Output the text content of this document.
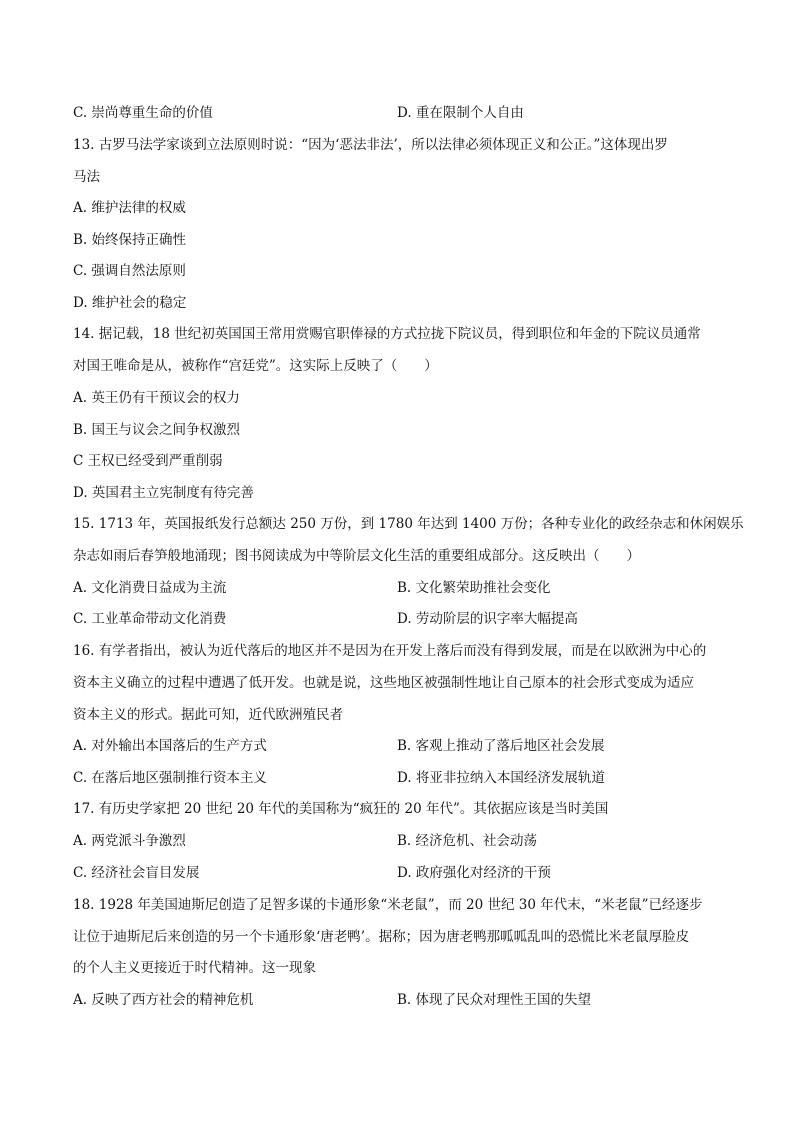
C. 崇尚尊重生命的价值	D. 重在限制个人自由
13. 古罗马法学家谈到立法原则时说：“因为‘恶法非法’，所以法律必须体现正义和公正。”这体现出罗
马法
A. 维护法律的权威
B. 始终保持正确性
C. 强调自然法原则
D. 维护社会的稳定
14. 据记载，18 世纪初英国国王常用赏赐官职俸禄的方式拉拢下院议员，得到职位和年金的下院议员通常
对国王唯命是从，被称作“宫廷党”。这实际上反映了（　　）
A. 英王仍有干预议会的权力
B. 国王与议会之间争权激烈
C 王权已经受到严重削弱
D. 英国君主立宪制度有待完善
15. 1713 年，英国报纸发行总额达 250 万份，到 1780 年达到 1400 万份；各种专业化的政经杂志和休闲娱乐
杂志如雨后春笋般地涌现；图书阅读成为中等阶层文化生活的重要组成部分。这反映出（　　）
A. 文化消费日益成为主流	B. 文化繁荣助推社会变化
C. 工业革命带动文化消费	D. 劳动阶层的识字率大幅提高
16. 有学者指出，被认为近代落后的地区并不是因为在开发上落后而没有得到发展，而是在以欧洲为中心的
资本主义确立的过程中遭遇了低开发。也就是说，这些地区被强制性地让自己原本的社会形式变成为适应
资本主义的形式。据此可知，近代欧洲殖民者
A. 对外输出本国落后的生产方式	B. 客观上推动了落后地区社会发展
C. 在落后地区强制推行资本主义	D. 将亚非拉纳入本国经济发展轨道
17. 有历史学家把 20 世纪 20 年代的美国称为“疯狂的 20 年代”。其依据应该是当时美国
A. 两党派斗争激烈	B. 经济危机、社会动荡
C. 经济社会盲目发展	D. 政府强化对经济的干预
18. 1928 年美国迪斯尼创造了足智多谋的卡通形象“米老鼠”，而 20 世纪 30 年代末，“米老鼠”已经逐步
让位于迪斯尼后来创造的另一个卡通形象‘唐老鸭’。据称；因为唐老鸭那呱呱乱叫的恐慌比米老鼠厚脸皮
的个人主义更接近于时代精神。这一现象
A. 反映了西方社会的精神危机	B. 体现了民众对理性王国的失望
